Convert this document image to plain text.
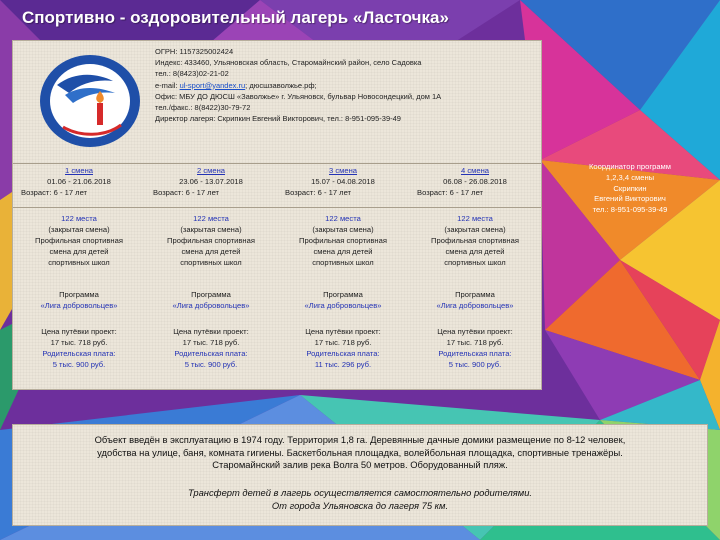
Спортивно - оздоровительный лагерь «Ласточка»
ОГРН: 1157325002424
Индекс: 433460, Ульяновская область, Старомайнский район, село Садовка
тел.: 8(8423)02-21-02
e-mail: ul-sport@yandex.ru; дюсшзаволжье.рф;
Офис: МБУ ДО ДЮСШ «Заволжье» г. Ульяновск, бульвар Новосондецкий, дом 1А
тел./факс.: 8(8422)30-79-72
Директор лагеря: Скрипкин Евгений Викторович, тел.: 8-951-095-39-49
1 смена
01.06 - 21.06.2018
Возраст: 6 - 17 лет
122 места
(закрытая смена)
Профильная спортивная
смена для детей
спортивных школ
Программа
«Лига добровольцев»
Цена путёвки проект:
17 тыс. 718 руб.
Родительская плата:
5 тыс. 900 руб.
2 смена
23.06 - 13.07.2018
Возраст: 6 - 17 лет
122 места
(закрытая смена)
Профильная спортивная
смена для детей
спортивных школ
Программа
«Лига добровольцев»
Цена путёвки проект:
17 тыс. 718 руб.
Родительская плата:
5 тыс. 900 руб.
3 смена
15.07 - 04.08.2018
Возраст: 6 - 17 лет
122 места
(закрытая смена)
Профильная спортивная
смена для детей
спортивных школ
Программа
«Лига добровольцев»
Цена путёвки проект:
17 тыс. 718 руб.
Родительская плата:
11 тыс. 296 руб.
4 смена
06.08 - 26.08.2018
Возраст: 6 - 17 лет
122 места
(закрытая смена)
Профильная спортивная
смена для детей
спортивных школ
Программа
«Лига добровольцев»
Цена путёвки проект:
17 тыс. 718 руб.
Родительская плата:
5 тыс. 900 руб.
Координатор программ
1,2,3,4 смены
Скрипкин
Евгений Викторович
тел.: 8-951-095-39-49
Объект введён в эксплуатацию в 1974 году. Территория 1,8 га. Деревянные дачные домики размещение по 8-12 человек,
удобства на улице, баня, комната гигиены. Баскетбольная площадка, волейбольная площадка, спортивные тренажёры.
Старомайнский залив река Волга 50 метров. Оборудованный пляж.
Трансферт детей в лагерь осуществляется самостоятельно родителями.
От города Ульяновска до лагеря 75 км.
